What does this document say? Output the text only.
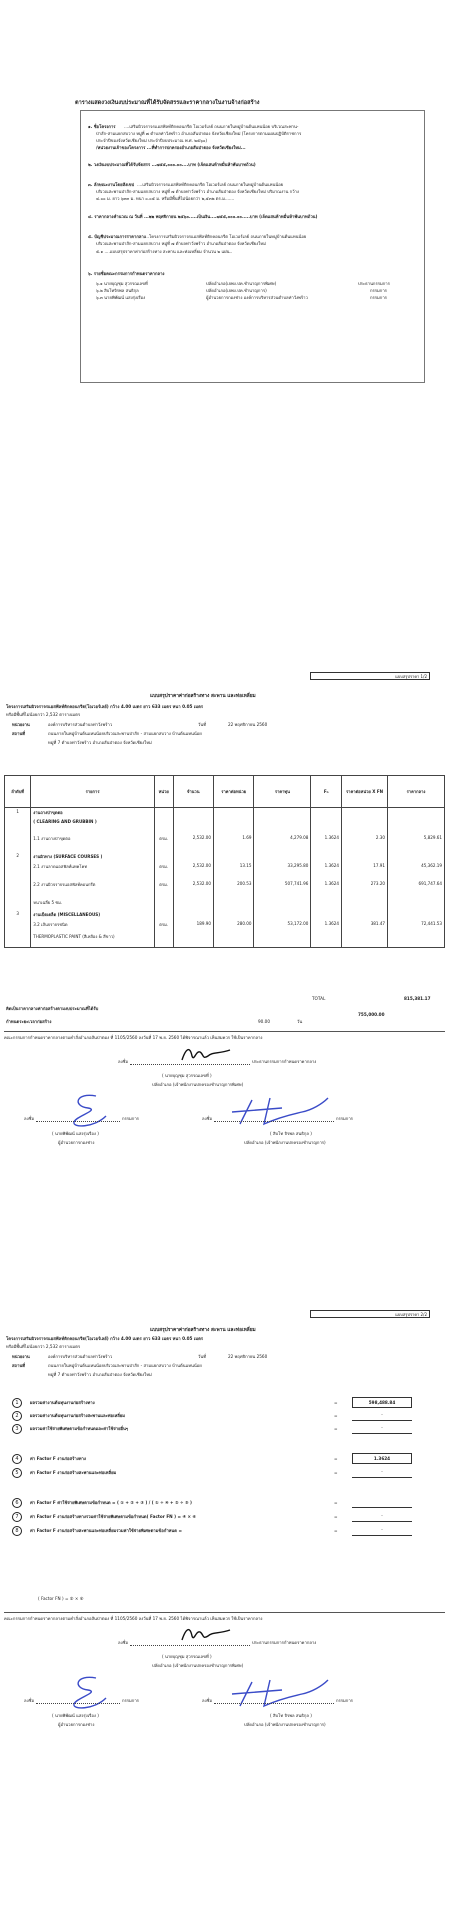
ตารางแสดงวงเงินงบประมาณที่ได้รับจัดสรรและราคากลางในงานจ้างก่อสร้าง
๑. ชื่อโครงการ ....เสริมผิวจราจรแอสฟัลท์ติกคอนกรีต โอเวอร์เลย์ ถนนภายในหมู่บ้านต้นแหนน้อย บริเวณสะพาน-
ป่าสัก-สามแยกสบวาง หมู่ที่ ๗ ตำบลท่าวังพร้าว อำเภอสันป่าตอง จังหวัดเชียงใหม่ (โครงการตามแผนปฏิบัติราชการ
ประจำปีของจังหวัดเชียงใหม่ ประจำปีงบประมาณ พ.ศ. ๒๕๖๐)
/หน่วยงานเจ้าของโครงการ ...ที่ทำการปกครองอำเภอสันป่าตอง จังหวัดเชียงใหม่...
๒. วงเงินงบประมาณที่ได้รับจัดสรร ...๗๕๕,๐๐๐.๐๐....บาท (เจ็ดแสนห้าหมื่นห้าพันบาทถ้วน)
๓. ลักษณะงานโดยสังเขป ....เสริมผิวจราจรแอสฟัลท์ติกคอนกรีต โอเวอร์เลย์ ถนนภายในหมู่บ้านต้นแหนน้อย
บริเวณสะพานป่าสัก-สามแยกสบวาง หมู่ที่ ๗ ตำบลท่าวังพร้าว อำเภอสันป่าตอง จังหวัดเชียงใหม่ ปริมาณงาน กว้าง
๔.๐๐ ม. ยาว ๖๓๓ ม. หนา ๐.๐๕ ม. หรือมีพื้นที่ไม่น้อยกว่า ๒,๕๓๒ ตร.ม.......
๔. ราคากลางคำนวณ ณ วันที่ ...๒๒ พฤศจิกายน ๒๕๖๐.....เป็นเงิน....๗๕๕,๐๐๐.๐๐.....บาท (เจ็ดแสนห้าหมื่นห้าพันบาทถ้วน)
๕. บัญชีประมาณการราคากลาง ...โครงการเสริมผิวจราจรแอสฟัลท์ติกคอนกรีต โอเวอร์เลย์ ถนนภายในหมู่บ้านต้นแหนน้อย
บริเวณสะพานป่าสัก-สามแยกสบวาง หมู่ที่ ๗ ตำบลท่าวังพร้าว อำเภอสันป่าตอง จังหวัดเชียงใหม่
๕.๑ ....แบบสรุปราคาค่าก่อสร้างทาง สะพาน และท่อเหลี่ยม จำนวน ๒ แผ่น..
๖. รายชื่อคณะกรรมการกำหนดราคากลาง
๖.๑ นายบุญชุม สุวรรณเลขที่	ปลัดอำเภอ(เจพง.ปค.ชำนาญการพิเศษ)	ประธานกรรมการ
๖.๒ สิบโทจิรพล สนธิกุล	ปลัดอำเภอ(เจพง.ปค.ชำนาญการ)	กรรมการ
๖.๓ นายพิพัฒน์ แสงรุ่งเรือง	ผู้อำนวยการกองช่าง องค์การบริหารส่วนตำบลท่าวังพร้าว	กรรมการ
แบบสรุปราคา 1/2
แบบสรุปราคาค่าก่อสร้างทาง สะพาน และท่อเหลี่ยม
โครงการเสริมผิวจราจรแอสฟัลท์ติกคอนกรีต(โอเวอร์เลย์) กว้าง 4.00 เมตร ยาว 633 เมตร หนา 0.05 เมตร
หรือมีพื้นที่ไม่น้อยกว่า 2,532 ตารางเมตร
หน่วยงาน	องค์การบริหารส่วนตำบลท่าวังพร้าว	วันที่	22 พฤศจิกายน 2560
สถานที่	ถนนภายในหมู่บ้านต้นแหนน้อยบริเวณสะพานป่าสัก - สามแยกสบวาง บ้านต้นแหนน้อย
หมู่ที่ 7 ตำบลท่าวังพร้าว อำเภอสันป่าตอง จังหวัดเชียงใหม่
ลำดับที่	รายการ	หน่วย	จำนวน	ราคาต่อหน่วย	ราคาทุน	Fₙ	ราคาต่อหน่วย X FN	ราคากลาง
1	งานถางป่าขุดตอ							
	( CLEARING AND GRUBBIN )							
	1.1 งานถางป่าขุดตอ	ตรม.	2,532.00	1.69	4,279.08	1.3624	2.30	5,829.61
2	งานผิวทาง (SURFACE COURSES )							
	2.1 งานลาดแอสฟัลท์แทคโคท	ตรม.	2,532.00	13.15	33,295.80	1.3624	17.91	45,362.19
	2.2 งานผิวจราจรแอสฟัลท์คอนกรีต	ตรม.	2,532.00	200.53	507,741.96	1.3624	273.20	691,747.64
	หนาเฉลี่ย 5 ซม.							
3	งานเบ็ดเตล็ด (MISCELLANEOUS)							
	3.2 เส้นจราจรชนิด	ตรม.	189.90	280.00	53,172.00	1.3624	381.47	72,441.53
	THERMOPLASTIC PAINT (สีเหลือง & สีขาว)							
TOTAL	815,381.17
คิดเป็นราคากลางค่าก่อสร้างตามงบประมาณที่ได้รับ
755,000.00
กำหนดระยะเวลาก่อสร้าง	90.00	วัน
คณะกรรมการกำหนดราคากลางตามคำสั่งอำเภอสันป่าตอง ที่ 1105/2560 ลงวันที่ 17 พ.ย. 2560 ได้พิจารณาแล้ว เห็นสมควร ใช้เป็นราคากลาง
ลงชื่อ	ประธานกรรมการกำหนดราคากลาง
( นายบุญชุม สุวรรณเลขที่ )
ปลัดอำเภอ (เจ้าพนักงานปกครองชำนาญการพิเศษ)
ลงชื่อ	กรรมการ	ลงชื่อ	กรรมการ
( นายพิพัฒน์ แสงรุ่งเรือง )
ผู้อำนวยการกองช่าง
( สิบโท จิรพล สนธิกุล )
ปลัดอำเภอ (เจ้าพนักงานปกครองชำนาญการ)
แบบสรุปราคา 2/2
แบบสรุปราคาค่าก่อสร้างทาง สะพาน และท่อเหลี่ยม
โครงการเสริมผิวจราจรแอสฟัลท์ติกคอนกรีต(โอเวอร์เลย์) กว้าง 4.00 เมตร ยาว 633 เมตร หนา 0.05 เมตร
หรือมีพื้นที่ไม่น้อยกว่า 2,532 ตารางเมตร
หน่วยงาน	องค์การบริหารส่วนตำบลท่าวังพร้าว	วันที่	22 พฤศจิกายน 2560
สถานที่	ถนนภายในหมู่บ้านต้นแหนน้อยบริเวณสะพานป่าสัก - สามแยกสบวาง บ้านต้นแหนน้อย
หมู่ที่ 7 ตำบลท่าวังพร้าว อำเภอสันป่าตอง จังหวัดเชียงใหม่
1	ผลรวมค่างานต้นทุนงานก่อสร้างทาง	=	598,488.84
2	ผลรวมค่างานต้นทุนงานก่อสร้างสะพานและท่อเหลี่ยม	=	-
3	ผลรวมค่าใช้จ่ายพิเศษตามข้อกำหนดและค่าใช้จ่ายอื่นๆ	=	-
4	ค่า Factor F งานก่อสร้างทาง	=	1.3624
5	ค่า Factor F งานก่อสร้างสะพานและท่อเหลี่ยม	=	-
6	ค่า Factor F ค่าใช้จ่ายพิเศษตามข้อกำหนด = ( ① + ② + ③ ) / ( ① ÷ ④ + ② ÷ ⑤ )	=
7	ค่า Factor F งานก่อสร้างทางรวมค่าใช้จ่ายพิเศษตามข้อกำหนด( Factor FN ) = ④ × ⑥	=	-
8	ค่า Factor F งานก่อสร้างสะพานและท่อเหลี่ยมรวมค่าใช้จ่ายพิเศษตามข้อกำหนด =	=	-
( Factor FN ) = ⑤ × ⑥
คณะกรรมการกำหนดราคากลางตามคำสั่งอำเภอสันป่าตอง ที่ 1105/2560 ลงวันที่ 17 พ.ย. 2560 ได้พิจารณาแล้ว เห็นสมควร ใช้เป็นราคากลาง
ลงชื่อ	ประธานกรรมการกำหนดราคากลาง
( นายบุญชุม สุวรรณเลขที่ )
ปลัดอำเภอ (เจ้าพนักงานปกครองชำนาญการพิเศษ)
ลงชื่อ	กรรมการ	ลงชื่อ	กรรมการ
( นายพิพัฒน์ แสงรุ่งเรือง )
ผู้อำนวยการกองช่าง
( สิบโท จิรพล สนธิกุล )
ปลัดอำเภอ (เจ้าพนักงานปกครองชำนาญการ)
